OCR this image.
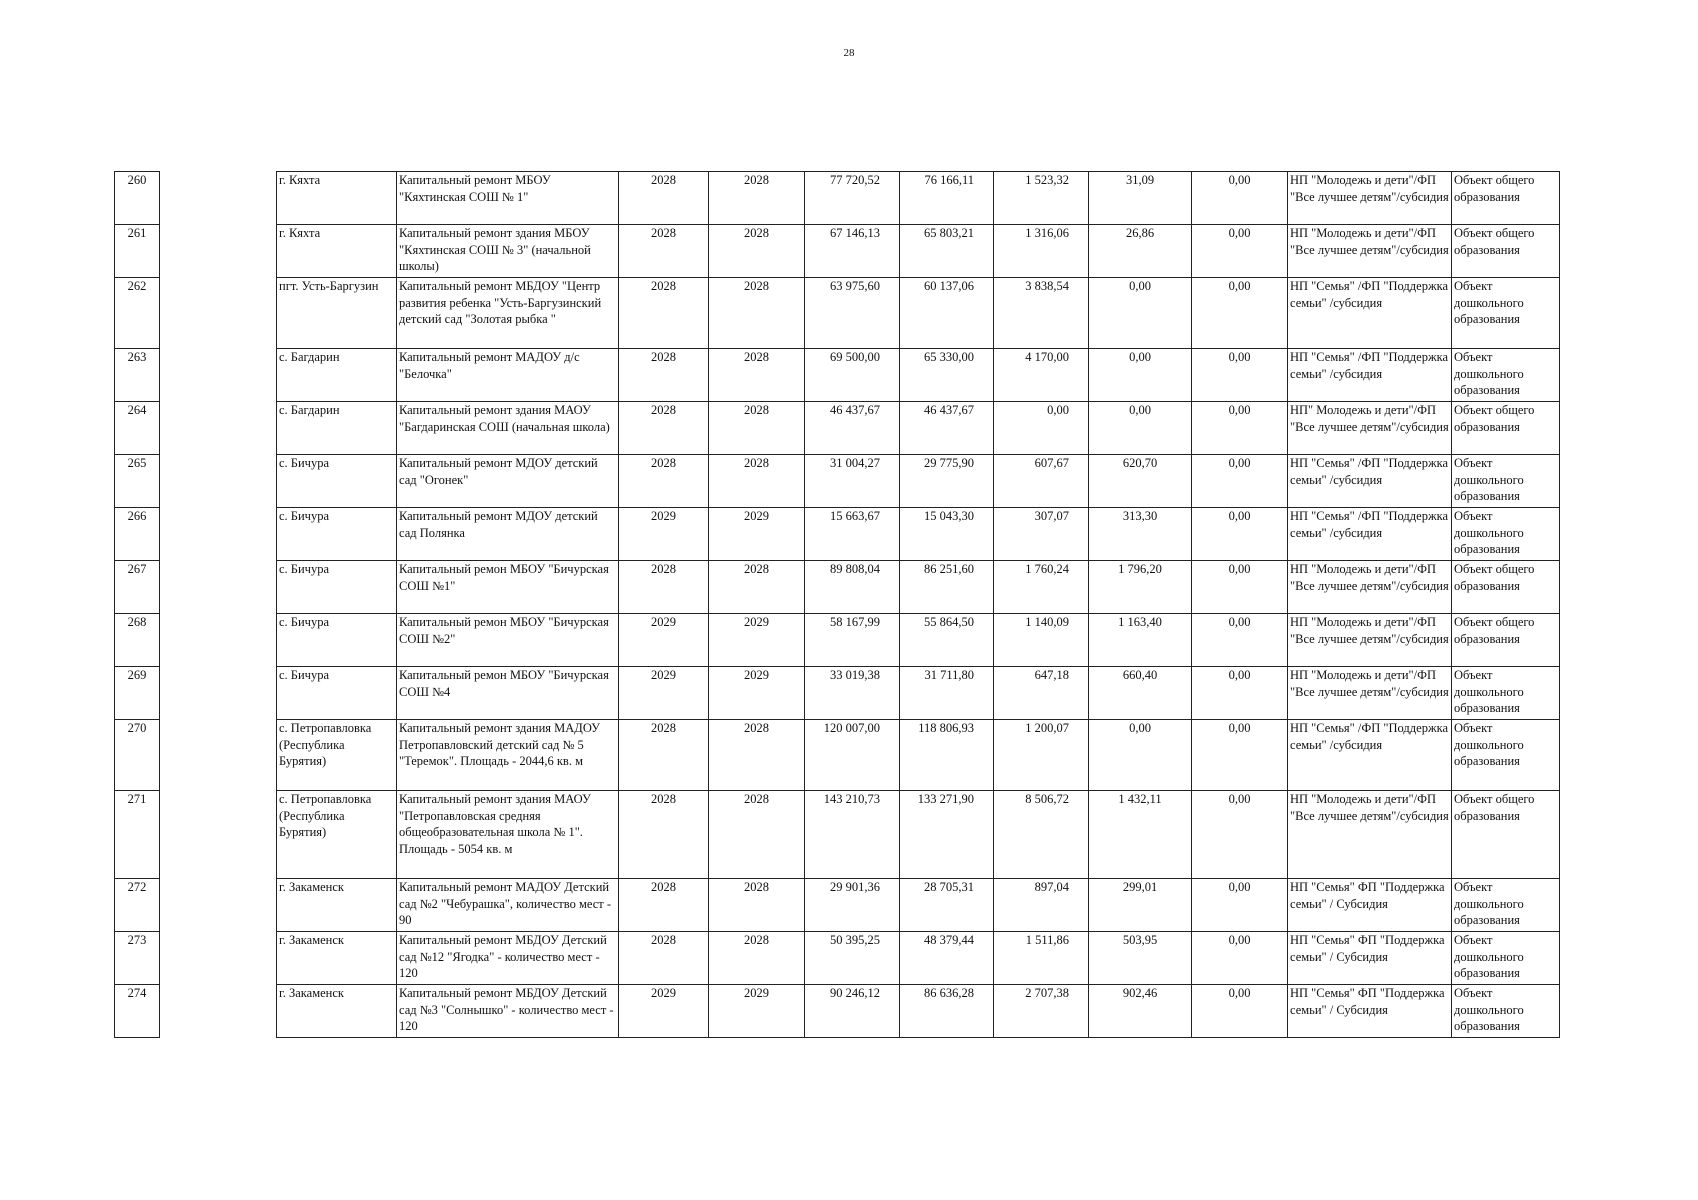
28
260		г. Кяхта	Капитальный ремонт МБОУ "Кяхтинская СОШ № 1"	2028	2028	77 720,52	76 166,11	1 523,32	31,09	0,00	НП "Молодежь и дети"/ФП "Все лучшее детям"/субсидия	Объект общего образования
261		г. Кяхта	Капитальный ремонт здания МБОУ "Кяхтинская СОШ № 3" (начальной школы)	2028	2028	67 146,13	65 803,21	1 316,06	26,86	0,00	НП "Молодежь и дети"/ФП "Все лучшее детям"/субсидия	Объект общего образования
262		пгт. Усть-Баргузин	Капитальный ремонт МБДОУ "Центр развития ребенка "Усть-Баргузинский детский сад "Золотая рыбка "	2028	2028	63 975,60	60 137,06	3 838,54	0,00	0,00	НП "Семья" /ФП "Поддержка семьи" /субсидия	Объект дошкольного образования
263		с. Багдарин	Капитальный ремонт МАДОУ д/с "Белочка"	2028	2028	69 500,00	65 330,00	4 170,00	0,00	0,00	НП "Семья" /ФП "Поддержка семьи" /субсидия	Объект дошкольного образования
264		с. Багдарин	Капитальный ремонт здания МАОУ "Багдаринская СОШ (начальная школа)	2028	2028	46 437,67	46 437,67	0,00	0,00	0,00	НП" Молодежь и дети"/ФП "Все лучшее детям"/субсидия	Объект общего образования
265		с. Бичура	Капитальный ремонт МДОУ детский сад "Огонек"	2028	2028	31 004,27	29 775,90	607,67	620,70	0,00	НП "Семья" /ФП "Поддержка семьи" /субсидия	Объект дошкольного образования
266		с. Бичура	Капитальный ремонт МДОУ детский сад Полянка	2029	2029	15 663,67	15 043,30	307,07	313,30	0,00	НП "Семья" /ФП "Поддержка семьи" /субсидия	Объект дошкольного образования
267		с. Бичура	Капитальный ремон МБОУ "Бичурская СОШ №1"	2028	2028	89 808,04	86 251,60	1 760,24	1 796,20	0,00	НП "Молодежь и дети"/ФП "Все лучшее детям"/субсидия	Объект общего образования
268		с. Бичура	Капитальный ремон МБОУ "Бичурская СОШ №2"	2029	2029	58 167,99	55 864,50	1 140,09	1 163,40	0,00	НП "Молодежь и дети"/ФП "Все лучшее детям"/субсидия	Объект общего образования
269		с. Бичура	Капитальный ремон МБОУ "Бичурская СОШ №4	2029	2029	33 019,38	31 711,80	647,18	660,40	0,00	НП "Молодежь и дети"/ФП "Все лучшее детям"/субсидия	Объект дошкольного образования
270		с. Петропавловка (Республика Бурятия)	Капитальный ремонт здания МАДОУ Петропавловский детский сад № 5 "Теремок". Площадь - 2044,6 кв. м	2028	2028	120 007,00	118 806,93	1 200,07	0,00	0,00	НП "Семья" /ФП "Поддержка семьи" /субсидия	Объект дошкольного образования
271		с. Петропавловка (Республика Бурятия)	Капитальный ремонт здания МАОУ "Петропавловская средняя общеобразовательная школа № 1". Площадь - 5054 кв. м	2028	2028	143 210,73	133 271,90	8 506,72	1 432,11	0,00	НП "Молодежь и дети"/ФП "Все лучшее детям"/субсидия	Объект общего образования
272		г. Закаменск	Капитальный ремонт МАДОУ Детский сад №2 "Чебурашка", количество мест - 90	2028	2028	29 901,36	28 705,31	897,04	299,01	0,00	НП "Семья" ФП "Поддержка семьи" / Субсидия	Объект дошкольного образования
273		г. Закаменск	Капитальный ремонт МБДОУ Детский сад №12 "Ягодка" - количество мест - 120	2028	2028	50 395,25	48 379,44	1 511,86	503,95	0,00	НП "Семья" ФП "Поддержка семьи" / Субсидия	Объект дошкольного образования
274		г. Закаменск	Капитальный ремонт МБДОУ Детский сад №3 "Солнышко" - количество мест - 120	2029	2029	90 246,12	86 636,28	2 707,38	902,46	0,00	НП "Семья" ФП "Поддержка семьи" / Субсидия	Объект дошкольного образования
